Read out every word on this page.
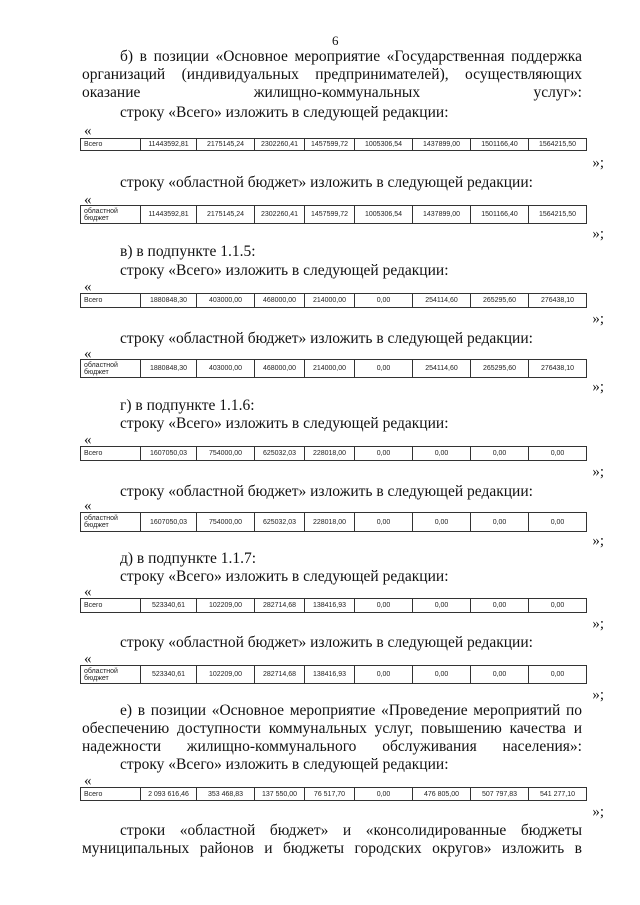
6
б) в позиции «Основное мероприятие «Государственная поддержка организаций (индивидуальных предпринимателей), осуществляющих оказание жилищно-коммунальных услуг»:
строку «Всего» изложить в следующей редакции:
«
Всего	11443592,81	2175145,24	2302260,41	1457599,72	1005306,54	1437899,00	1501166,40	1564215,50
»;
строку «областной бюджет» изложить в следующей редакции:
«
областной бюджет	11443592,81	2175145,24	2302260,41	1457599,72	1005306,54	1437899,00	1501166,40	1564215,50
»;
в) в подпункте 1.1.5:
строку «Всего» изложить в следующей редакции:
«
Всего	1880848,30	403000,00	468000,00	214000,00	0,00	254114,60	265295,60	276438,10
»;
строку «областной бюджет» изложить в следующей редакции:
«
областной бюджет	1880848,30	403000,00	468000,00	214000,00	0,00	254114,60	265295,60	276438,10
»;
г) в подпункте 1.1.6:
строку «Всего» изложить в следующей редакции:
«
Всего	1607050,03	754000,00	625032,03	228018,00	0,00	0,00	0,00	0,00
»;
строку «областной бюджет» изложить в следующей редакции:
«
областной бюджет	1607050,03	754000,00	625032,03	228018,00	0,00	0,00	0,00	0,00
»;
д) в подпункте 1.1.7:
строку «Всего» изложить в следующей редакции:
«
Всего	523340,61	102209,00	282714,68	138416,93	0,00	0,00	0,00	0,00
»;
строку «областной бюджет» изложить в следующей редакции:
«
областной бюджет	523340,61	102209,00	282714,68	138416,93	0,00	0,00	0,00	0,00
»;
е) в позиции «Основное мероприятие «Проведение мероприятий по обеспечению доступности коммунальных услуг, повышению качества и надежности жилищно-коммунального обслуживания населения»:
строку «Всего» изложить в следующей редакции:
«
Всего	2 093 616,46	353 468,83	137 550,00	76 517,70	0,00	476 805,00	507 797,83	541 277,10
»;
строки «областной бюджет» и «консолидированные бюджеты муниципальных районов и бюджеты городских округов» изложить в
